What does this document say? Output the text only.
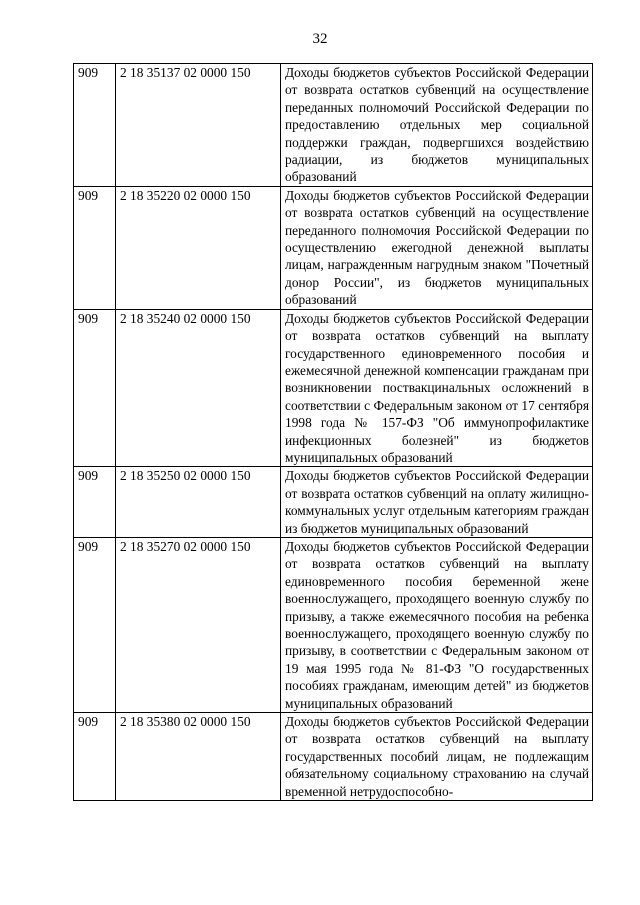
32
909	2 18 35137 02 0000 150	Доходы бюджетов субъектов Российской Федерации от возврата остатков субвенций на осуществление переданных полномочий Российской Федерации по предоставлению отдельных мер социальной поддержки граждан, подвергшихся воздействию радиации, из бюджетов муниципальных образований
909	2 18 35220 02 0000 150	Доходы бюджетов субъектов Российской Федерации от возврата остатков субвенций на осуществление переданного полномочия Российской Федерации по осуществлению ежегодной денежной выплаты лицам, награжденным нагрудным знаком "Почетный донор России", из бюджетов муниципальных образований
909	2 18 35240 02 0000 150	Доходы бюджетов субъектов Российской Федерации от возврата остатков субвенций на выплату государственного единовременного пособия и ежемесячной денежной компенсации гражданам при возникновении поствакцинальных осложнений в соответствии с Федеральным законом от 17 сентября 1998 года № 157-ФЗ "Об иммунопрофилактике инфекционных болезней" из бюджетов муниципальных образований
909	2 18 35250 02 0000 150	Доходы бюджетов субъектов Российской Федерации от возврата остатков субвенций на оплату жилищно-коммунальных услуг отдельным категориям граждан из бюджетов муниципальных образований
909	2 18 35270 02 0000 150	Доходы бюджетов субъектов Российской Федерации от возврата остатков субвенций на выплату единовременного пособия беременной жене военнослужащего, проходящего военную службу по призыву, а также ежемесячного пособия на ребенка военнослужащего, проходящего военную службу по призыву, в соответствии с Федеральным законом от 19 мая 1995 года № 81-ФЗ "О государственных пособиях гражданам, имеющим детей" из бюджетов муниципальных образований
909	2 18 35380 02 0000 150	Доходы бюджетов субъектов Российской Федерации от возврата остатков субвенций на выплату государственных пособий лицам, не подлежащим обязательному социальному страхованию на случай временной нетрудоспособно-
